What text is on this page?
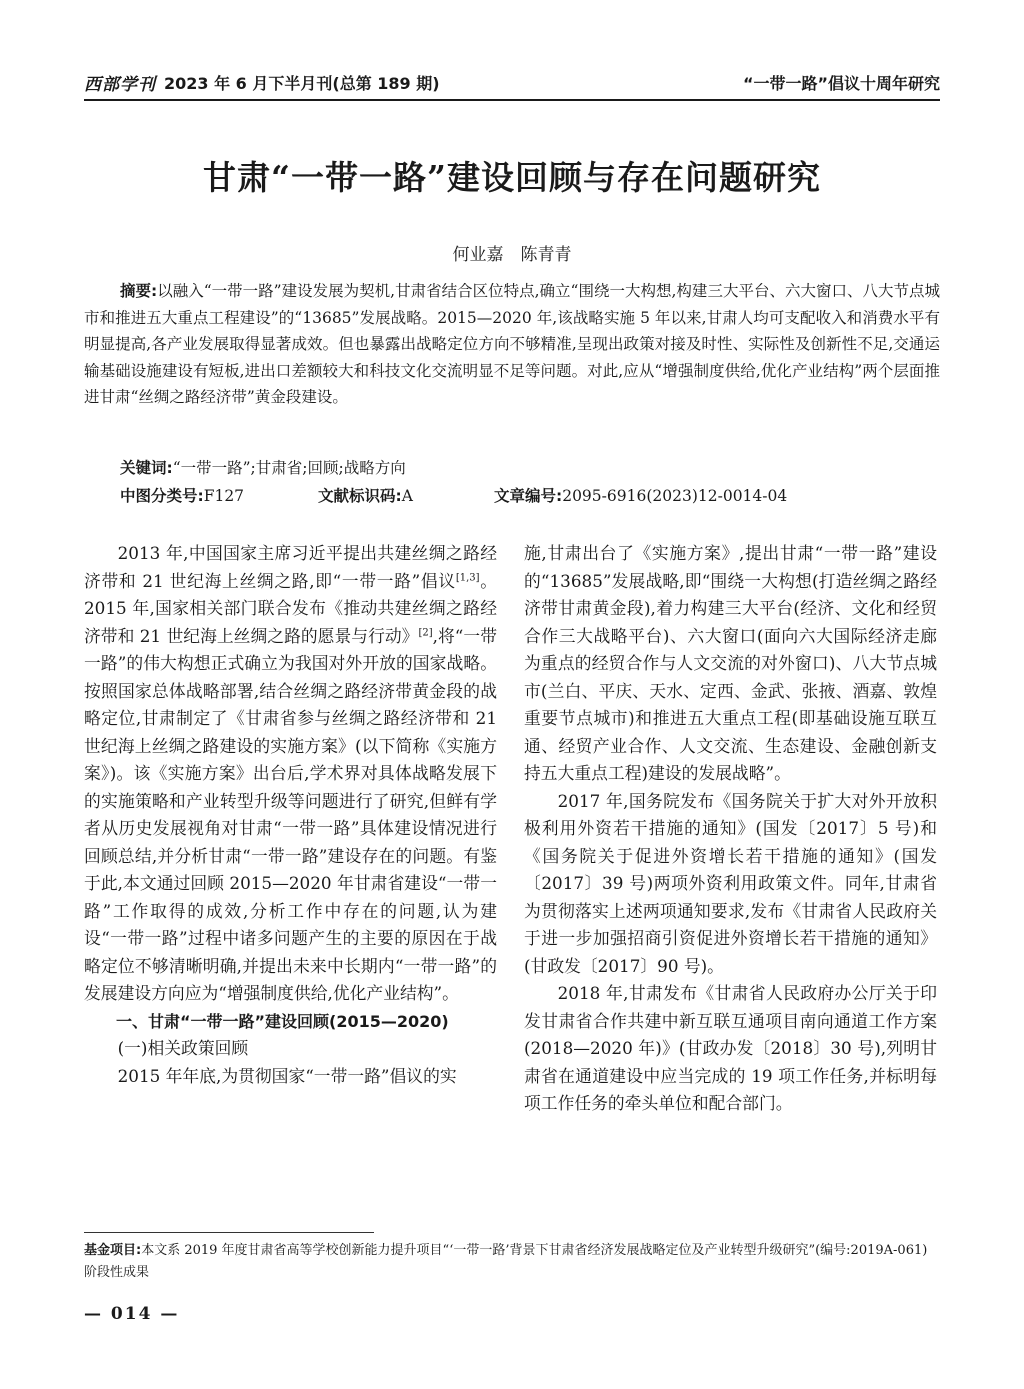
西部学刊 2023 年 6 月下半月刊(总第 189 期)	“一带一路”倡议十周年研究
甘肃“一带一路”建设回顾与存在问题研究
何业嘉　陈青青
摘要:以融入“一带一路”建设发展为契机,甘肃省结合区位特点,确立“围绕一大构想,构建三大平台、六大窗口、八大节点城市和推进五大重点工程建设”的“13685”发展战略。2015—2020 年,该战略实施 5 年以来,甘肃人均可支配收入和消费水平有明显提高,各产业发展取得显著成效。但也暴露出战略定位方向不够精准,呈现出政策对接及时性、实际性及创新性不足,交通运输基础设施建设有短板,进出口差额较大和科技文化交流明显不足等问题。对此,应从“增强制度供给,优化产业结构”两个层面推进甘肃“丝绸之路经济带”黄金段建设。
关键词:“一带一路”;甘肃省;回顾;战略方向
中图分类号:F127	文献标识码:A	文章编号:2095-6916(2023)12-0014-04

2013 年,中国国家主席习近平提出共建丝绸之路经济带和 21 世纪海上丝绸之路,即“一带一路”倡议[1,3]。2015 年,国家相关部门联合发布《推动共建丝绸之路经济带和 21 世纪海上丝绸之路的愿景与行动》[2],将“一带一路”的伟大构想正式确立为我国对外开放的国家战略。按照国家总体战略部署,结合丝绸之路经济带黄金段的战略定位,甘肃制定了《甘肃省参与丝绸之路经济带和 21 世纪海上丝绸之路建设的实施方案》(以下简称《实施方案》)。该《实施方案》出台后,学术界对具体战略发展下的实施策略和产业转型升级等问题进行了研究,但鲜有学者从历史发展视角对甘肃“一带一路”具体建设情况进行回顾总结,并分析甘肃“一带一路”建设存在的问题。有鉴于此,本文通过回顾 2015—2020 年甘肃省建设“一带一路”工作取得的成效,分析工作中存在的问题,认为建设“一带一路”过程中诸多问题产生的主要的原因在于战略定位不够清晰明确,并提出未来中长期内“一带一路”的发展建设方向应为“增强制度供给,优化产业结构”。

一、甘肃“一带一路”建设回顾(2015—2020)

(一)相关政策回顾

2015 年年底,为贯彻国家“一带一路”倡议的实

施,甘肃出台了《实施方案》,提出甘肃“一带一路”建设的“13685”发展战略,即“围绕一大构想(打造丝绸之路经济带甘肃黄金段),着力构建三大平台(经济、文化和经贸合作三大战略平台)、六大窗口(面向六大国际经济走廊为重点的经贸合作与人文交流的对外窗口)、八大节点城市(兰白、平庆、天水、定西、金武、张掖、酒嘉、敦煌重要节点城市)和推进五大重点工程(即基础设施互联互通、经贸产业合作、人文交流、生态建设、金融创新支持五大重点工程)建设的发展战略”。

2017 年,国务院发布《国务院关于扩大对外开放积极利用外资若干措施的通知》(国发〔2017〕5 号)和《国务院关于促进外资增长若干措施的通知》(国发〔2017〕39 号)两项外资利用政策文件。同年,甘肃省为贯彻落实上述两项通知要求,发布《甘肃省人民政府关于进一步加强招商引资促进外资增长若干措施的通知》(甘政发〔2017〕90 号)。

2018 年,甘肃发布《甘肃省人民政府办公厅关于印发甘肃省合作共建中新互联互通项目南向通道工作方案(2018—2020 年)》(甘政办发〔2018〕30 号),列明甘肃省在通道建设中应当完成的 19 项工作任务,并标明每项工作任务的牵头单位和配合部门。

基金项目:本文系 2019 年度甘肃省高等学校创新能力提升项目“‘一带一路’背景下甘肃省经济发展战略定位及产业转型升级研究”(编号:2019A-061)阶段性成果
— 014 —
